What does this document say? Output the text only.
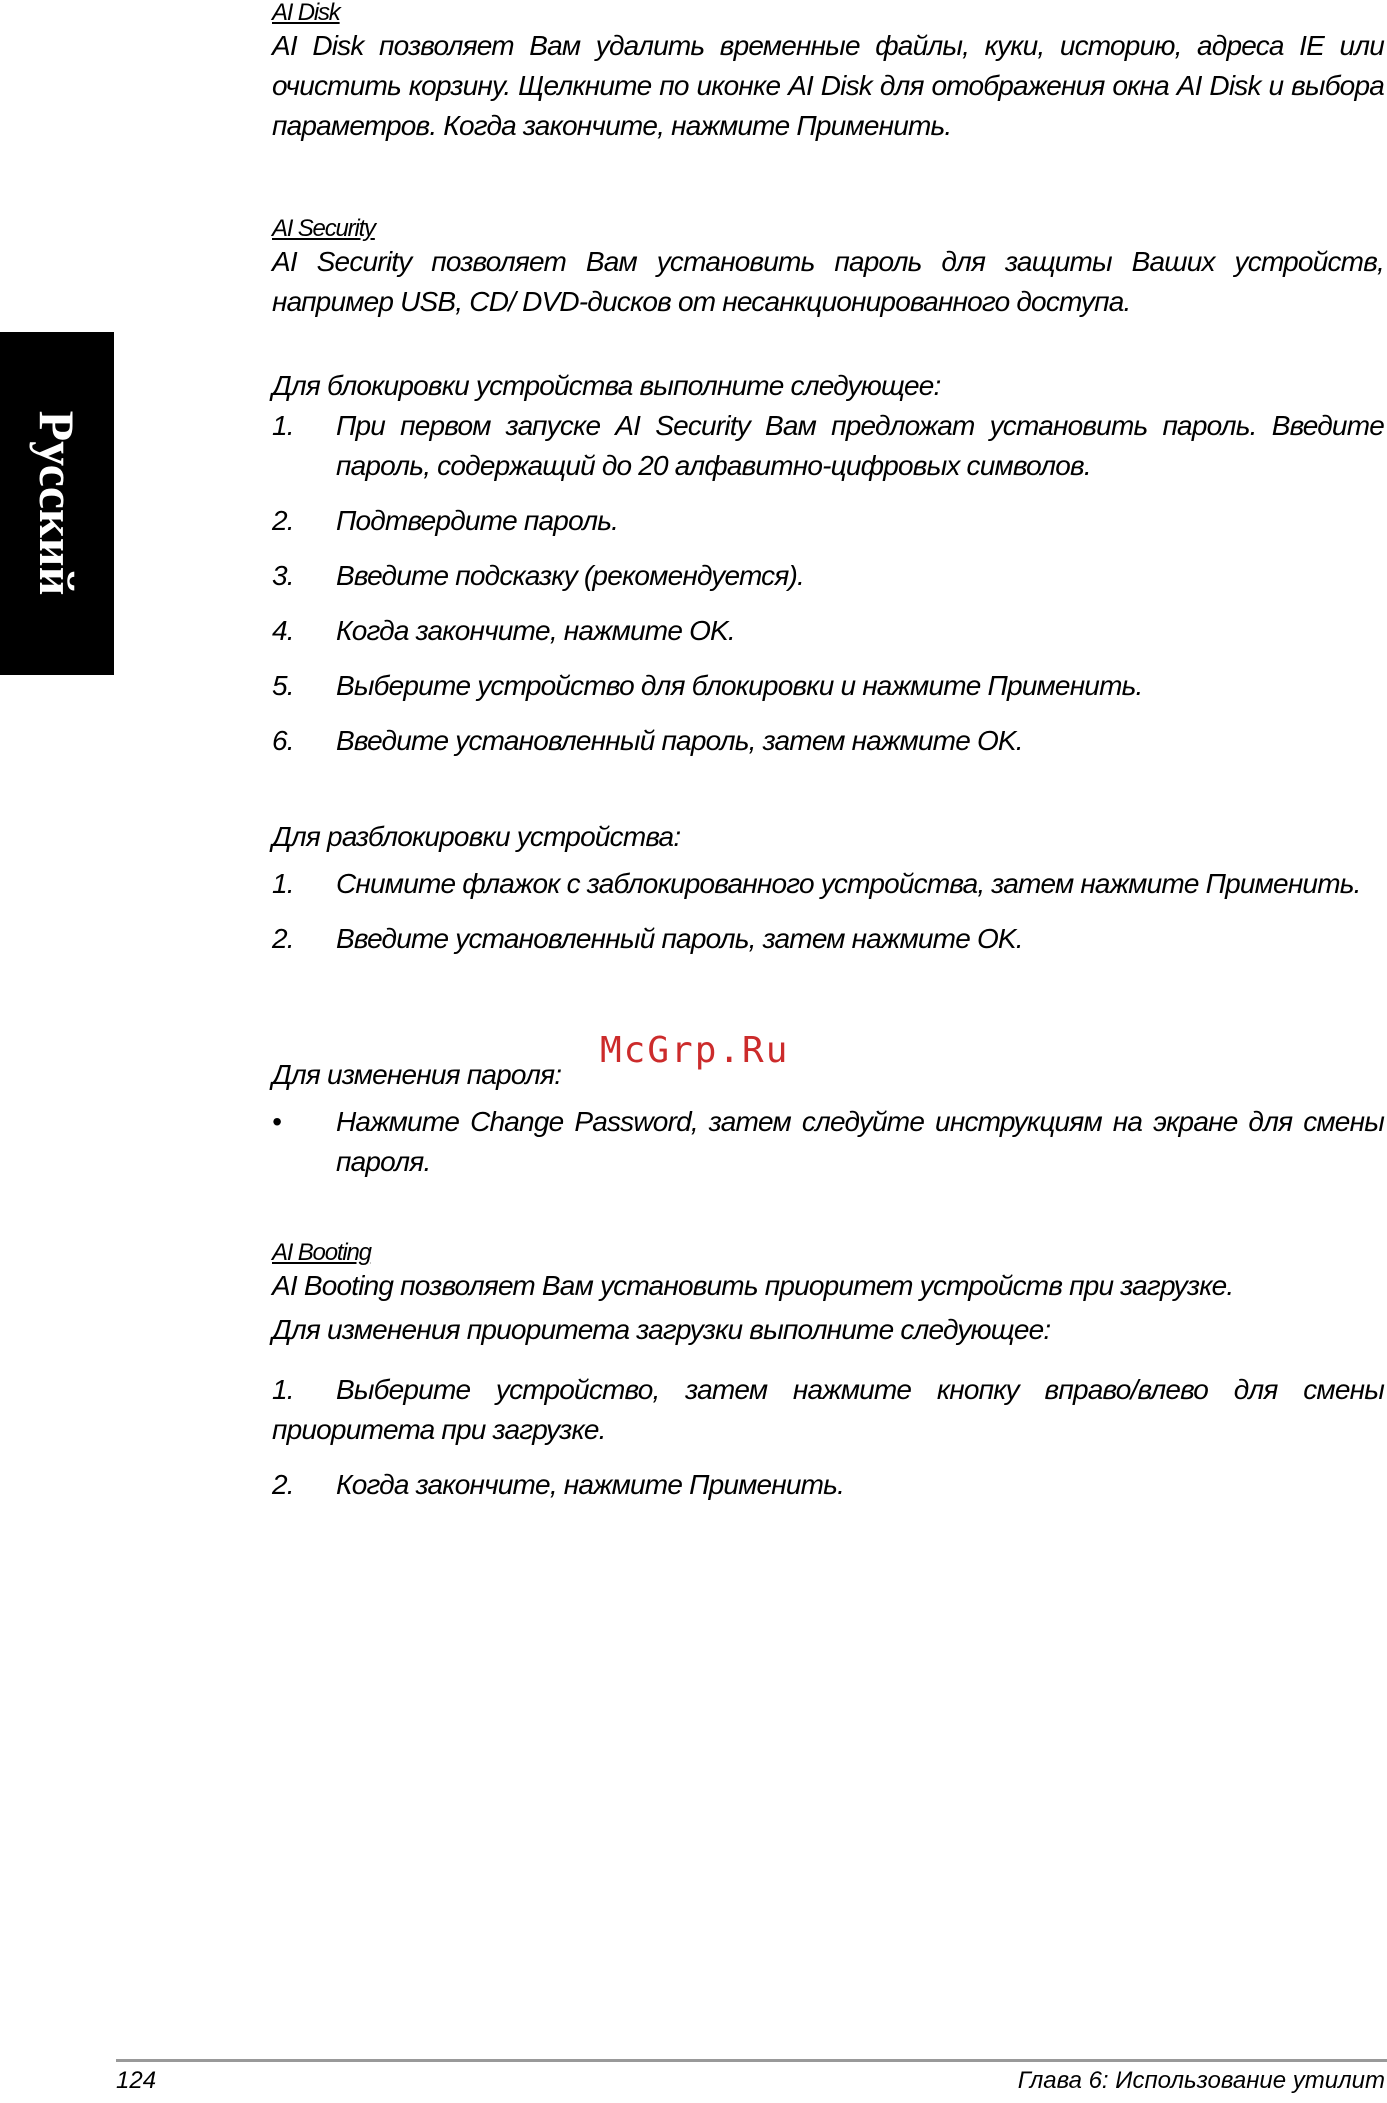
Русский
McGrp.Ru
AI Disk
AI Disk позволяет Вам удалить временные файлы, куки, историю, адреса IE или очистить корзину. Щелкните по иконке AI Disk для отображения окна AI Disk и выбора параметров. Когда закончите, нажмите Применить.
AI Security
AI Security позволяет Вам установить пароль для защиты Ваших устройств, например USB, CD/ DVD-дисков от несанкционированного доступа.
Для блокировки устройства выполните следующее:
1. При первом запуске AI Security Вам предложат установить пароль. Введите пароль, содержащий до 20 алфавитно-цифровых символов.
2. Подтвердите пароль.
3. Введите подсказку (рекомендуется).
4. Когда закончите, нажмите OK.
5. Выберите устройство для блокировки и нажмите Применить.
6. Введите установленный пароль, затем нажмите OK.
Для разблокировки устройства:
1. Снимите флажок с заблокированного устройства, затем нажмите Применить.
2. Введите установленный пароль, затем нажмите OK.
Для изменения пароля:
• Нажмите Change Password, затем следуйте инструкциям на экране для смены пароля.
AI Booting
AI Booting позволяет Вам установить приоритет устройств при загрузке.
Для изменения приоритета загрузки выполните следующее:
1. Выберите устройство, затем нажмите кнопку вправо/влево для смены приоритета при загрузке.
2. Когда закончите, нажмите Применить.
124	Глава 6: Использование утилит
